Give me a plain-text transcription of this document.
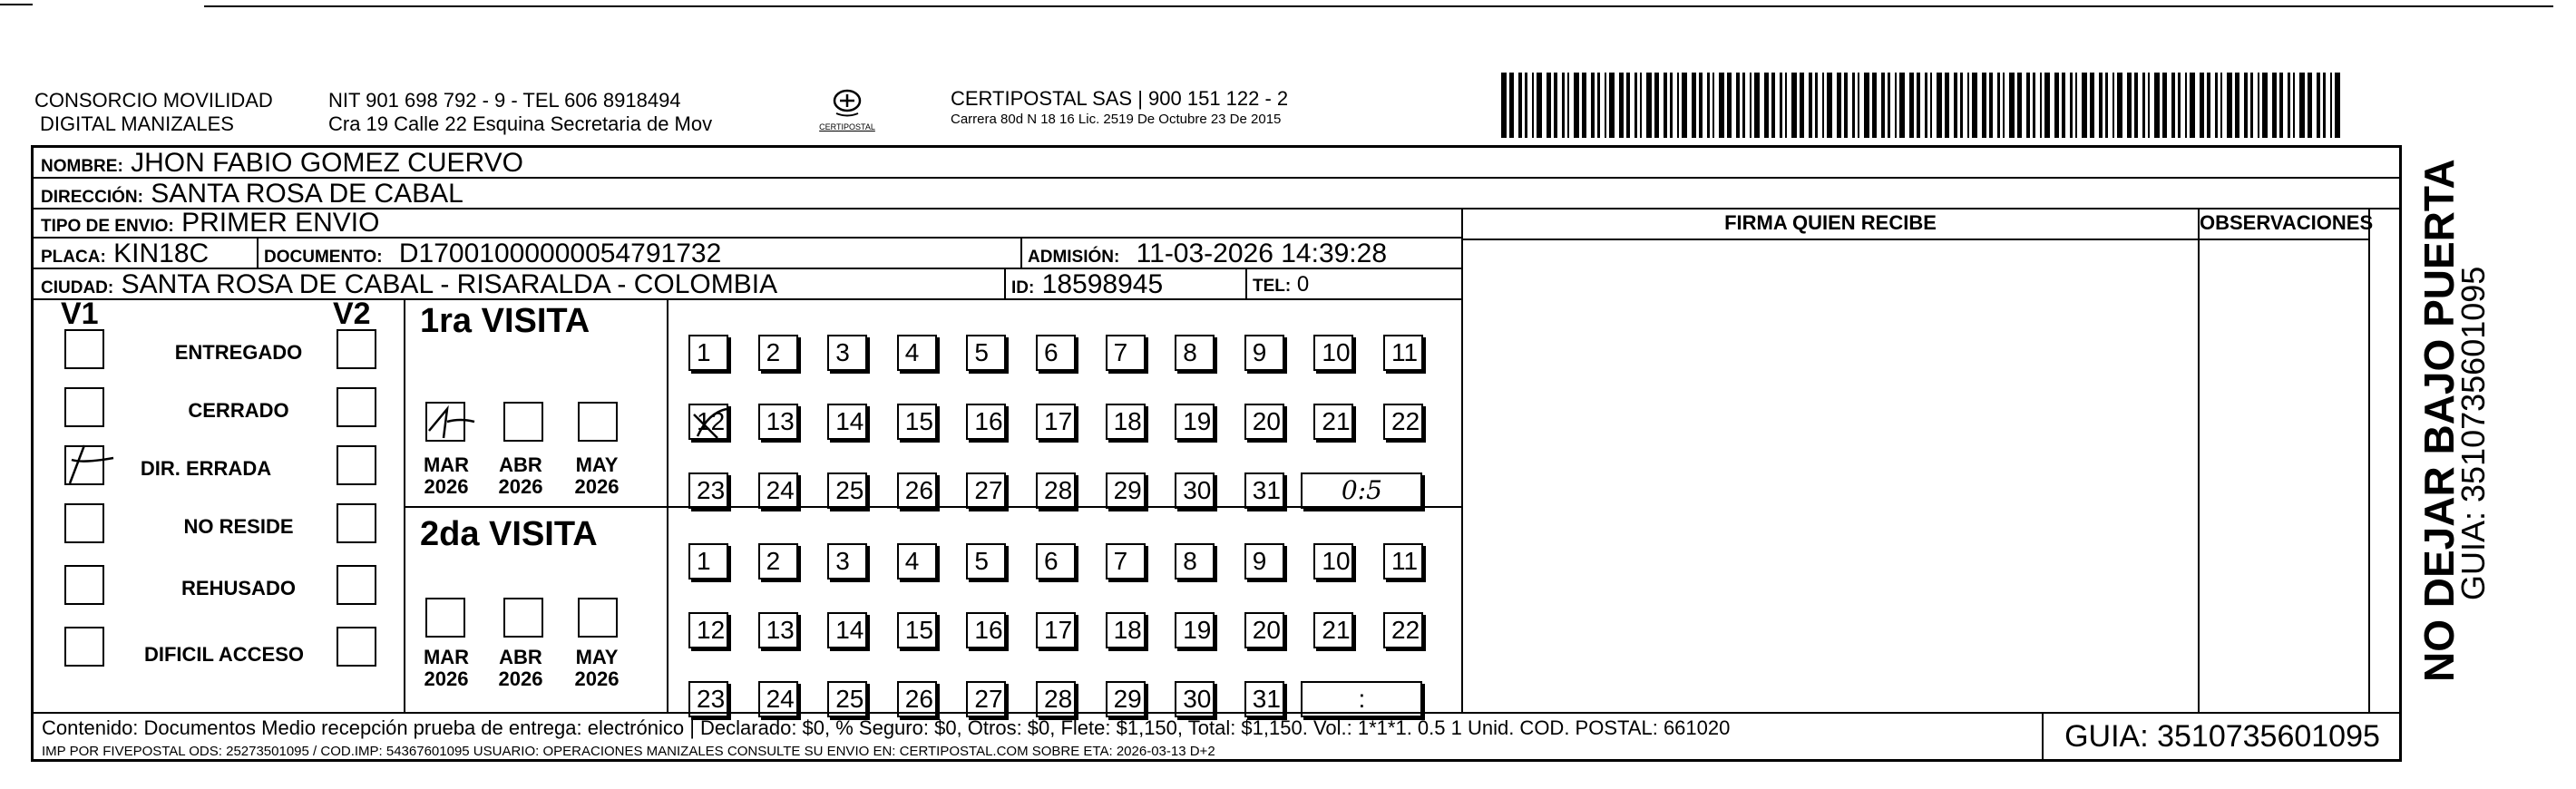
CONSORCIO MOVILIDAD
DIGITAL MANIZALES
NIT 901 698 792 - 9 - TEL 606 8918494
Cra 19 Calle 22 Esquina Secretaria de Mov	CERTIPOSTAL
CERTIPOSTAL SAS | 900 151 122 - 2
Carrera 80d N 18 16 Lic. 2519 De Octubre 23 De 2015
NOMBRE: JHON FABIO GOMEZ CUERVO
DIRECCIÓN: SANTA ROSA DE CABAL
TIPO DE ENVIO: PRIMER ENVIO
PLACA: KIN18C	DOCUMENTO: D17001000000054791732	ADMISIÓN: 11-03-2026 14:39:28
CIUDAD: SANTA ROSA DE CABAL - RISARALDA - COLOMBIA	ID: 18598945	TEL: 0
FIRMA QUIEN RECIBE	OBSERVACIONES
V1	V2
ENTREGADO
CERRADO
DIR. ERRADA
NO RESIDE
REHUSADO
DIFICIL ACCESO
1ra VISITA
MAR
2026
ABR
2026
MAY
2026
1	2	3	4	5	6	7	8	9	10	11
12	13	14	15	16	17	18	19	20	21	22
23	24	25	26	27	28	29	30	31	0:5
2da VISITA
MAR
2026
ABR
2026
MAY
2026
1	2	3	4	5	6	7	8	9	10	11
12	13	14	15	16	17	18	19	20	21	22
23	24	25	26	27	28	29	30	31	:
GUIA: 3510735601095
Contenido: Documentos Medio recepción prueba de entrega: electrónico | Declarado: $0, % Seguro: $0, Otros: $0, Flete: $1,150, Total: $1,150. Vol.: 1*1*1. 0.5 1 Unid. COD. POSTAL: 661020
IMP POR FIVEPOSTAL ODS: 25273501095 / COD.IMP: 54367601095 USUARIO: OPERACIONES MANIZALES CONSULTE SU ENVIO EN: CERTIPOSTAL.COM SOBRE ETA: 2026-03-13 D+2
NO DEJAR BAJO PUERTA
GUIA: 3510735601095
